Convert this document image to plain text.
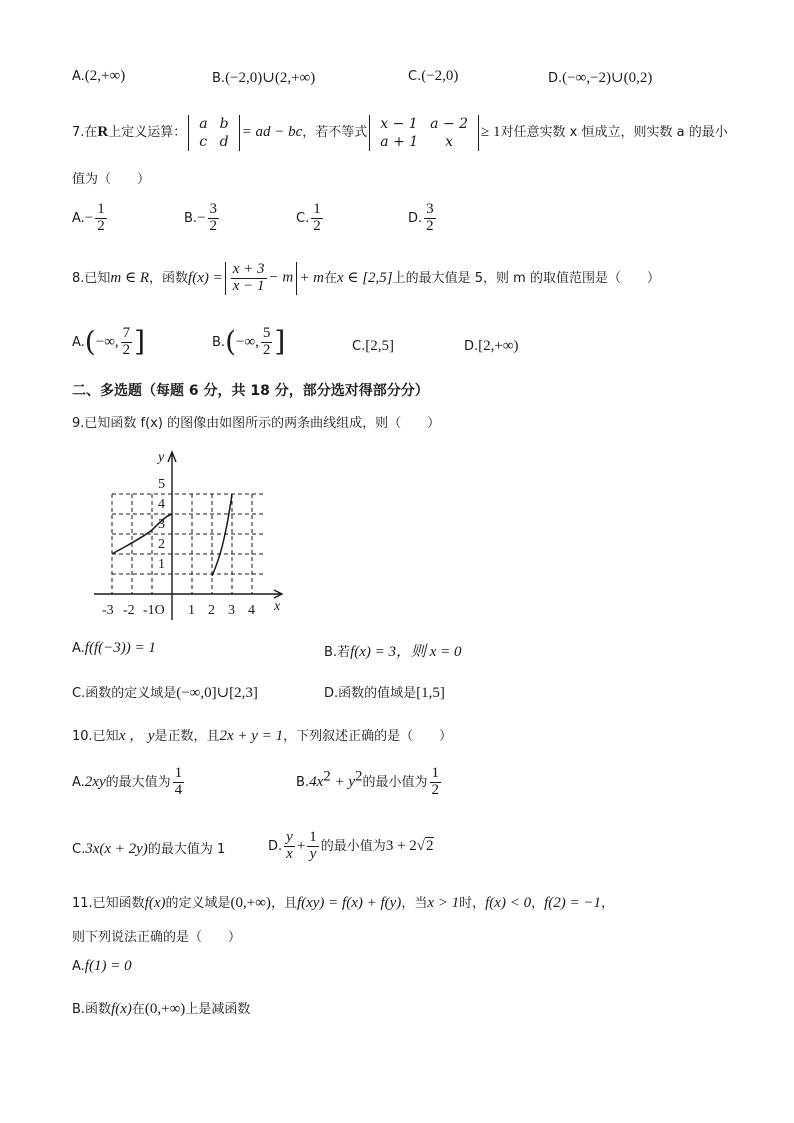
A.(2,+∞)	B.(−2,0)∪(2,+∞)	C.(−2,0)	D.(−∞,−2)∪(0,2)
7.在R上定义运算：
a	b
c	d
= ad − bc，若不等式
x − 1	a − 2
a + 1	x
≥ 1对任意实数 x 恒成立，则实数 a 的最小
值为（　　）
$A.- \frac{1}{2}$	$B.- \frac{3}{2}$	C. $\frac{1}{2}$	D. $\frac{3}{2}$
8.已知m ∈ R，函数$f(x) = \frac{x + 3}{x - 1} - m + m$在x ∈ [2,5]上的最大值是 5，则 m 的取值范围是（　　）
A.(−∞, $\frac{7}{2}$ ]	B.(−∞, $\frac{5}{2}$ ]	C.[2,5]	D.[2,+∞)
二、多选题（每题 6 分，共 18 分，部分选对得部分分）
9.已知函数 f(x) 的图像由如图所示的两条曲线组成，则（　　）
y
x
5
4
3
2
1
-3 -2 -1O 1 2 3 4
A.f(f(−3)) = 1	B.若f(x) = 3，则 x = 0
C.函数的定义域是(−∞,0]∪[2,3]	D.函数的值域是[1,5]
10.已知x ， y是正数，且2x + y = 1，下列叙述正确的是（　　）
A.2xy的最大值为 $\frac{1}{4}$	$B.4x^2 + y^2$的最小值为 $\frac{1}{2}$
C.3x(x + 2y)的最大值为 1	D. $\frac{y}{x} + \frac{1}{y}$ 的最小值为3 + 2√2
11.已知函数f(x)的定义域是(0,+∞)，且f(xy) = f(x) + f(y)，当x > 1时，f(x) < 0，f(2) = −1，
则下列说法正确的是（　　）
A.f(1) = 0
B.函数f(x)在(0,+∞)上是减函数
